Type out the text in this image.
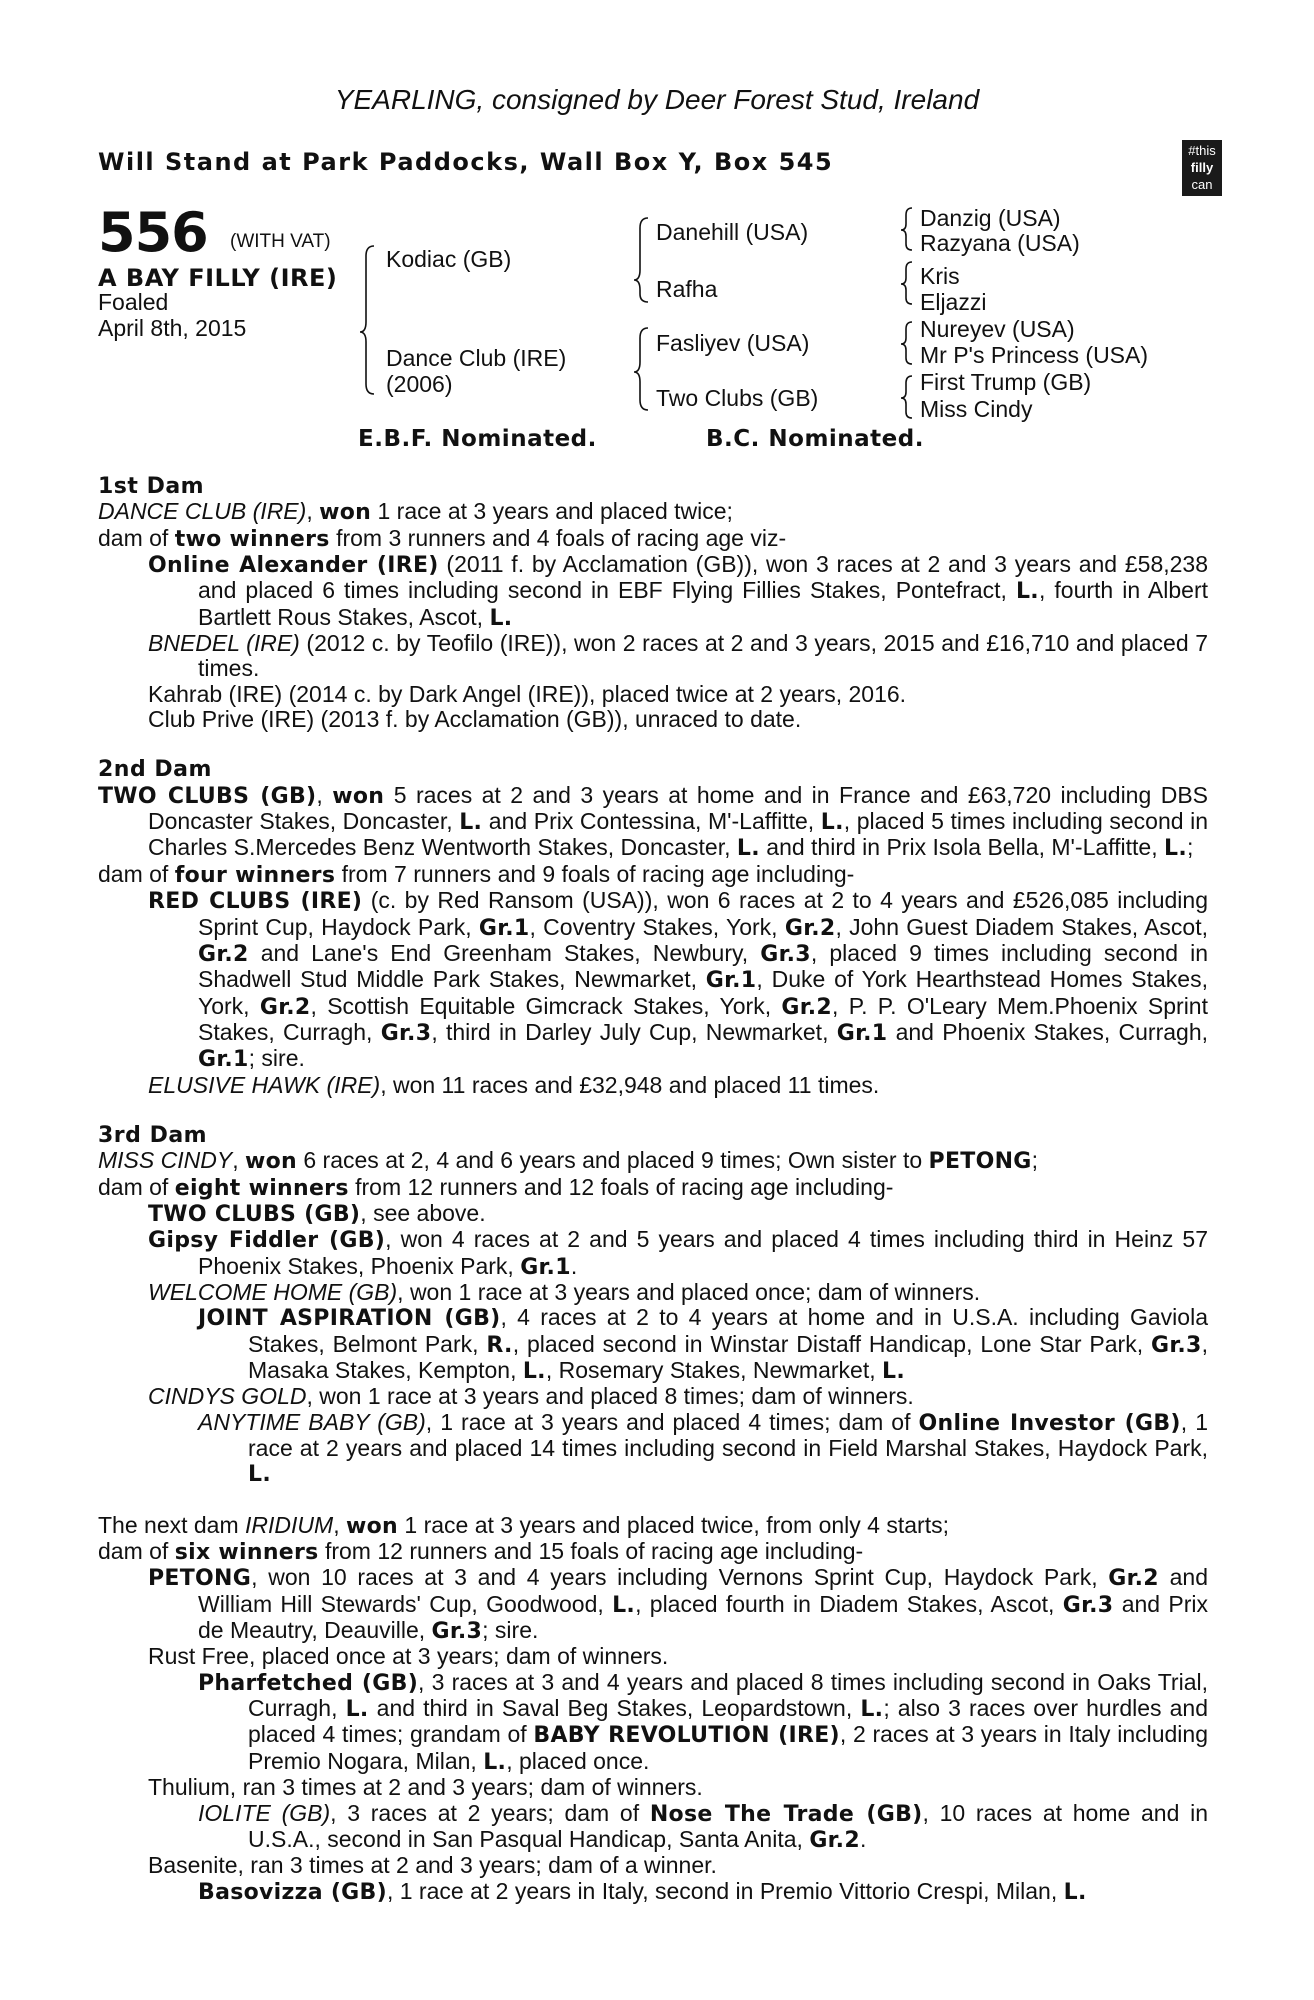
YEARLING, consigned by Deer Forest Stud, Ireland
Will Stand at Park Paddocks, Wall Box Y, Box 545	#this
filly
can
556 (WITH VAT)
A BAY FILLY (IRE)
Foaled
April 8th, 2015
Kodiac (GB)
Dance Club (IRE)
(2006)
Danehill (USA)
Rafha
Fasliyev (USA)
Two Clubs (GB)
Danzig (USA)
Razyana (USA)
Kris
Eljazzi
Nureyev (USA)
Mr P's Princess (USA)
First Trump (GB)
Miss Cindy
E.B.F. Nominated.	B.C. Nominated.

1st Dam

DANCE CLUB (IRE), won 1 race at 3 years and placed twice;

dam of two winners from 3 runners and 4 foals of racing age viz-

Online Alexander (IRE) (2011 f. by Acclamation (GB)), won 3 races at 2 and 3 years and £58,238 and placed 6 times including second in EBF Flying Fillies Stakes, Pontefract, L., fourth in Albert Bartlett Rous Stakes, Ascot, L.

BNEDEL (IRE) (2012 c. by Teofilo (IRE)), won 2 races at 2 and 3 years, 2015 and £16,710 and placed 7 times.

Kahrab (IRE) (2014 c. by Dark Angel (IRE)), placed twice at 2 years, 2016.

Club Prive (IRE) (2013 f. by Acclamation (GB)), unraced to date.

2nd Dam

TWO CLUBS (GB), won 5 races at 2 and 3 years at home and in France and £63,720 including DBS Doncaster Stakes, Doncaster, L. and Prix Contessina, M'-Laffitte, L., placed 5 times including second in Charles S.Mercedes Benz Wentworth Stakes, Doncaster, L. and third in Prix Isola Bella, M'-Laffitte, L.;

dam of four winners from 7 runners and 9 foals of racing age including-

RED CLUBS (IRE) (c. by Red Ransom (USA)), won 6 races at 2 to 4 years and £526,085 including Sprint Cup, Haydock Park, Gr.1, Coventry Stakes, York, Gr.2, John Guest Diadem Stakes, Ascot, Gr.2 and Lane's End Greenham Stakes, Newbury, Gr.3, placed 9 times including second in Shadwell Stud Middle Park Stakes, Newmarket, Gr.1, Duke of York Hearthstead Homes Stakes, York, Gr.2, Scottish Equitable Gimcrack Stakes, York, Gr.2, P. P. O'Leary Mem.Phoenix Sprint Stakes, Curragh, Gr.3, third in Darley July Cup, Newmarket, Gr.1 and Phoenix Stakes, Curragh, Gr.1; sire.

ELUSIVE HAWK (IRE), won 11 races and £32,948 and placed 11 times.

3rd Dam

MISS CINDY, won 6 races at 2, 4 and 6 years and placed 9 times; Own sister to PETONG;

dam of eight winners from 12 runners and 12 foals of racing age including-

TWO CLUBS (GB), see above.

Gipsy Fiddler (GB), won 4 races at 2 and 5 years and placed 4 times including third in Heinz 57 Phoenix Stakes, Phoenix Park, Gr.1.

WELCOME HOME (GB), won 1 race at 3 years and placed once; dam of winners.

JOINT ASPIRATION (GB), 4 races at 2 to 4 years at home and in U.S.A. including Gaviola Stakes, Belmont Park, R., placed second in Winstar Distaff Handicap, Lone Star Park, Gr.3, Masaka Stakes, Kempton, L., Rosemary Stakes, Newmarket, L.

CINDYS GOLD, won 1 race at 3 years and placed 8 times; dam of winners.

ANYTIME BABY (GB), 1 race at 3 years and placed 4 times; dam of Online Investor (GB), 1 race at 2 years and placed 14 times including second in Field Marshal Stakes, Haydock Park, L.

The next dam IRIDIUM, won 1 race at 3 years and placed twice, from only 4 starts;

dam of six winners from 12 runners and 15 foals of racing age including-

PETONG, won 10 races at 3 and 4 years including Vernons Sprint Cup, Haydock Park, Gr.2 and William Hill Stewards' Cup, Goodwood, L., placed fourth in Diadem Stakes, Ascot, Gr.3 and Prix de Meautry, Deauville, Gr.3; sire.

Rust Free, placed once at 3 years; dam of winners.

Pharfetched (GB), 3 races at 3 and 4 years and placed 8 times including second in Oaks Trial, Curragh, L. and third in Saval Beg Stakes, Leopardstown, L.; also 3 races over hurdles and placed 4 times; grandam of BABY REVOLUTION (IRE), 2 races at 3 years in Italy including Premio Nogara, Milan, L., placed once.

Thulium, ran 3 times at 2 and 3 years; dam of winners.

IOLITE (GB), 3 races at 2 years; dam of Nose The Trade (GB), 10 races at home and in U.S.A., second in San Pasqual Handicap, Santa Anita, Gr.2.

Basenite, ran 3 times at 2 and 3 years; dam of a winner.

Basovizza (GB), 1 race at 2 years in Italy, second in Premio Vittorio Crespi, Milan, L.
